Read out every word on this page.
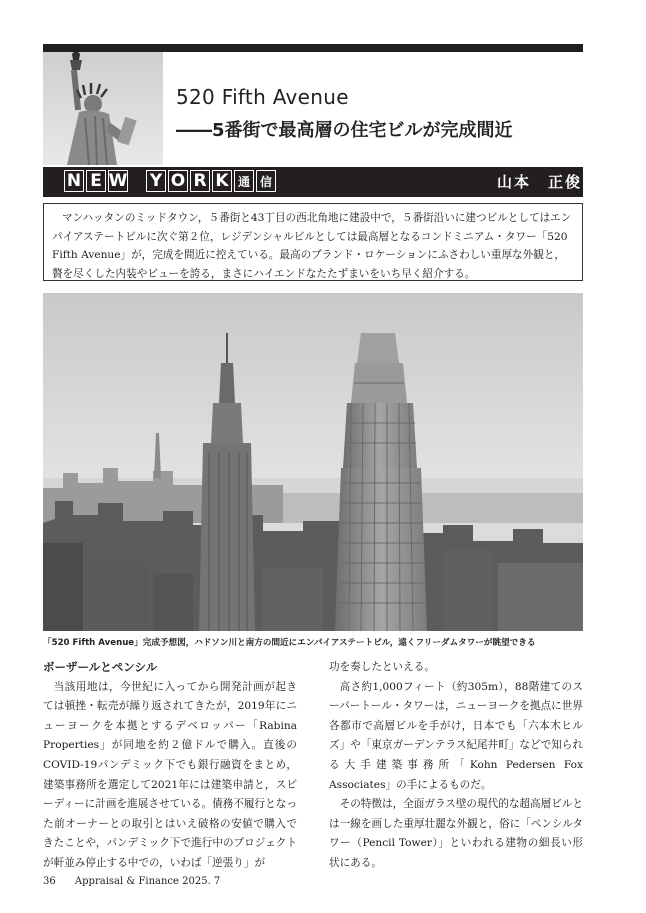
520 Fifth Avenue
――5番街で最高層の住宅ビルが完成間近
N E W Y O R K 通 信	山本　正俊
マンハッタンのミッドタウン，５番街と43丁目の西北角地に建設中で，５番街沿いに建つビルとしてはエンパイアステートビルに次ぐ第２位，レジデンシャルビルとしては最高層となるコンドミニアム・タワー「520 Fifth Avenue」が，完成を間近に控えている。最高のブランド・ロケーションにふさわしい重厚な外観と，贅を尽くした内装やビューを誇る，まさにハイエンドなたたずまいをいち早く紹介する。
「520 Fifth Avenue」完成予想図，ハドソン川と南方の間近にエンパイアステートビル，遠くフリーダムタワーが眺望できる
ボーザールとペンシル

当該用地は，今世紀に入ってから開発計画が起きては頓挫・転売が繰り返されてきたが，2019年にニューヨークを本拠とするデベロッパー「Rabina Properties」が同地を約２億ドルで購入。直後のCOVID-19パンデミック下でも銀行融資をまとめ，建築事務所を選定して2021年には建築申請と，スピーディーに計画を進展させている。債務不履行となった前オーナーとの取引とはいえ破格の安値で購入できたことや，パンデミック下で進行中のプロジェクトが軒並み停止する中での，いわば「逆張り」が

功を奏したといえる。

高さ約1,000フィート（約305m），88階建てのスーパートール・タワーは，ニューヨークを拠点に世界各都市で高層ビルを手がけ，日本でも「六本木ヒルズ」や「東京ガーデンテラス紀尾井町」などで知られる大手建築事務所「Kohn Pedersen Fox Associates」の手によるものだ。

その特徴は，全面ガラス壁の現代的な超高層ビルとは一線を画した重厚壮麗な外観と，俗に「ペンシルタワー（Pencil Tower）」といわれる建物の細長い形状にある。

36 Appraisal & Finance 2025. 7
